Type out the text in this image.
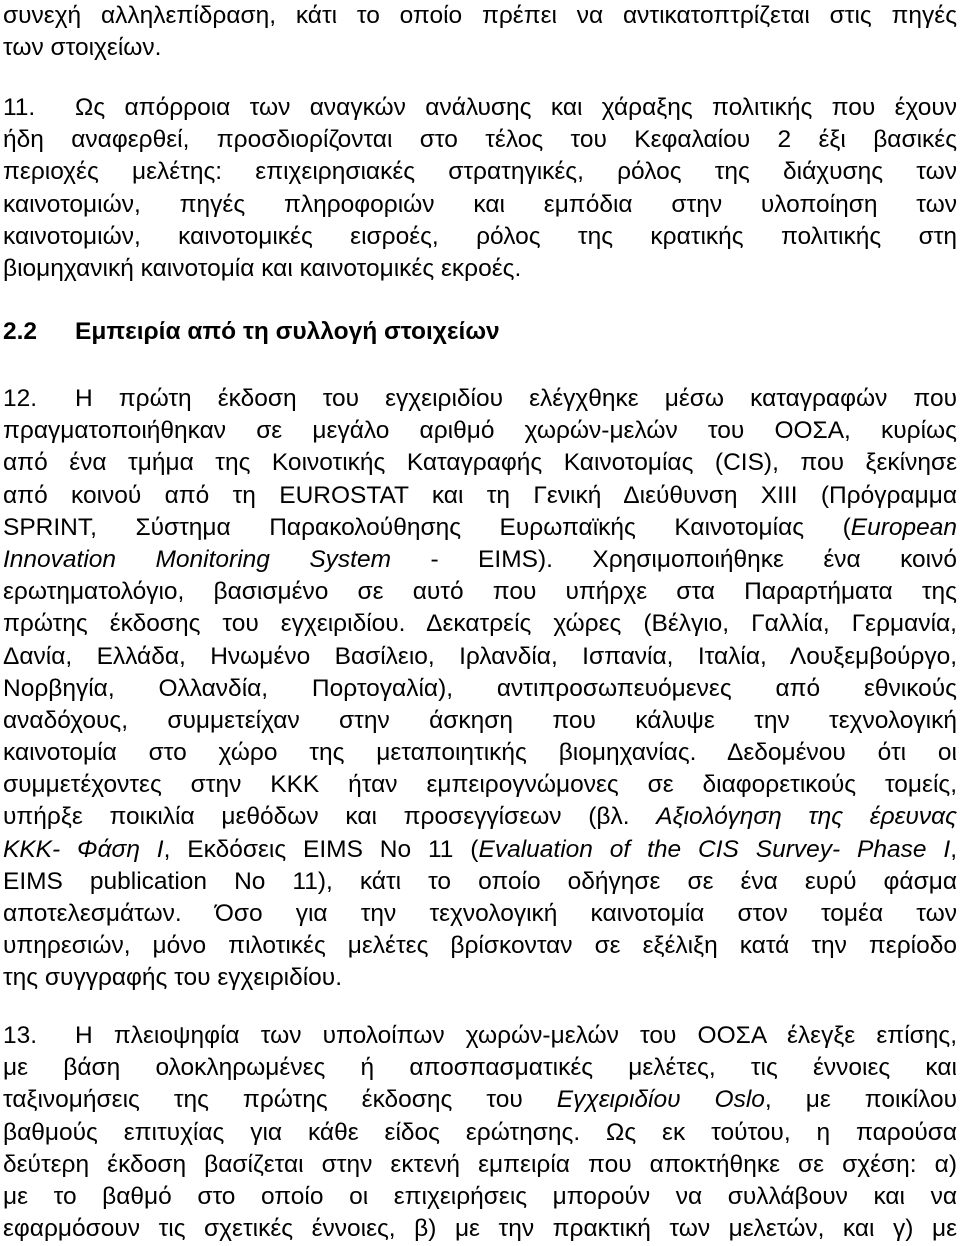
συνεχή αλληλεπίδραση, κάτι το οποίο πρέπει να αντικατοπτρίζεται στις πηγές
των στοιχείων.
11. Ως απόρροια των αναγκών ανάλυσης και χάραξης πολιτικής που έχουν
ήδη αναφερθεί, προσδιορίζονται στο τέλος του Κεφαλαίου 2 έξι βασικές
περιοχές μελέτης: επιχειρησιακές στρατηγικές, ρόλος της διάχυσης των
καινοτομιών, πηγές πληροφοριών και εμπόδια στην υλοποίηση των
καινοτομιών, καινοτομικές εισροές, ρόλος της κρατικής πολιτικής στη
βιομηχανική καινοτομία και καινοτομικές εκροές.
2.2 Εμπειρία από τη συλλογή στοιχείων
12. Η πρώτη έκδοση του εγχειριδίου ελέγχθηκε μέσω καταγραφών που
πραγματοποιήθηκαν σε μεγάλο αριθμό χωρών-μελών του ΟΟΣΑ, κυρίως
από ένα τμήμα της Κοινοτικής Καταγραφής Καινοτομίας (CIS), που ξεκίνησε
από κοινού από τη EUROSTAT και τη Γενική Διεύθυνση XIII (Πρόγραμμα
SPRINT, Σύστημα Παρακολούθησης Ευρωπαϊκής Καινοτομίας (European
Innovation Monitoring System - EIMS). Χρησιμοποιήθηκε ένα κοινό
ερωτηματολόγιο, βασισμένο σε αυτό που υπήρχε στα Παραρτήματα της
πρώτης έκδοσης του εγχειριδίου. Δεκατρείς χώρες (Βέλγιο, Γαλλία, Γερμανία,
Δανία, Ελλάδα, Ηνωμένο Βασίλειο, Ιρλανδία, Ισπανία, Ιταλία, Λουξεμβούργο,
Νορβηγία, Ολλανδία, Πορτογαλία), αντιπροσωπευόμενες από εθνικούς
αναδόχους, συμμετείχαν στην άσκηση που κάλυψε την τεχνολογική
καινοτομία στο χώρο της μεταποιητικής βιομηχανίας. Δεδομένου ότι οι
συμμετέχοντες στην ΚΚΚ ήταν εμπειρογνώμονες σε διαφορετικούς τομείς,
υπήρξε ποικιλία μεθόδων και προσεγγίσεων (βλ. Αξιολόγηση της έρευνας
ΚΚΚ- Φάση Ι, Εκδόσεις EIMS No 11 (Evaluation of the CIS Survey- Phase I,
EIMS publication No 11), κάτι το οποίο οδήγησε σε ένα ευρύ φάσμα
αποτελεσμάτων. Όσο για την τεχνολογική καινοτομία στον τομέα των
υπηρεσιών, μόνο πιλοτικές μελέτες βρίσκονταν σε εξέλιξη κατά την περίοδο
της συγγραφής του εγχειριδίου.
13. Η πλειοψηφία των υπολοίπων χωρών-μελών του ΟΟΣΑ έλεγξε επίσης,
με βάση ολοκληρωμένες ή αποσπασματικές μελέτες, τις έννοιες και
ταξινομήσεις της πρώτης έκδοσης του Εγχειριδίου Oslo, με ποικίλου
βαθμούς επιτυχίας για κάθε είδος ερώτησης. Ως εκ τούτου, η παρούσα
δεύτερη έκδοση βασίζεται στην εκτενή εμπειρία που αποκτήθηκε σε σχέση: α)
με το βαθμό στο οποίο οι επιχειρήσεις μπορούν να συλλάβουν και να
εφαρμόσουν τις σχετικές έννοιες, β) με την πρακτική των μελετών, και γ) με
